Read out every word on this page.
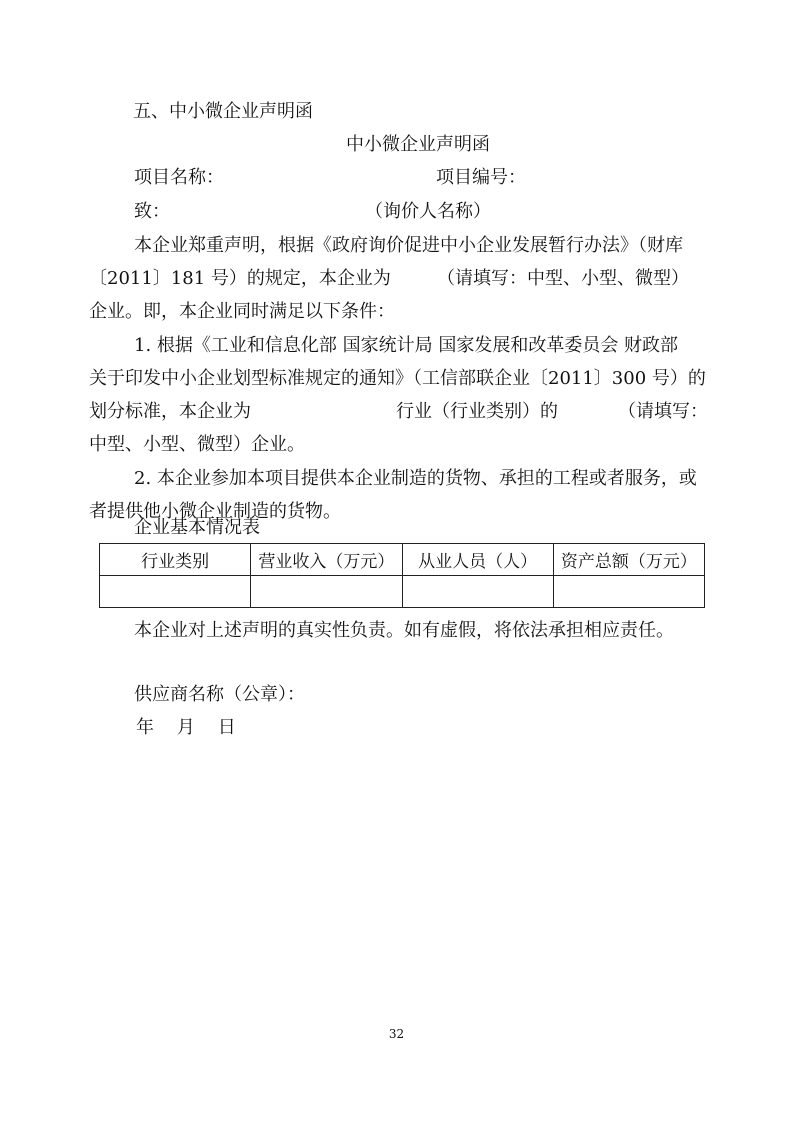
五、中小微企业声明函
中小微企业声明函
项目名称：	项目编号：
致：	（询价人名称）
本企业郑重声明，根据《政府询价促进中小企业发展暂行办法》（财库
〔2011〕181 号）的规定，本企业为	（请填写：中型、小型、微型）
企业。即，本企业同时满足以下条件：
1. 根据《工业和信息化部 国家统计局 国家发展和改革委员会 财政部
关于印发中小企业划型标准规定的通知》（工信部联企业〔2011〕300 号）的
划分标准，本企业为	行业（行业类别）的	（请填写：
中型、小型、微型）企业。
2. 本企业参加本项目提供本企业制造的货物、承担的工程或者服务，或
者提供他小微企业制造的货物。
企业基本情况表
行业类别	营业收入（万元）	从业人员（人）	资产总额（万元）

本企业对上述声明的真实性负责。如有虚假，将依法承担相应责任。
供应商名称（公章）：
年    月    日
32
